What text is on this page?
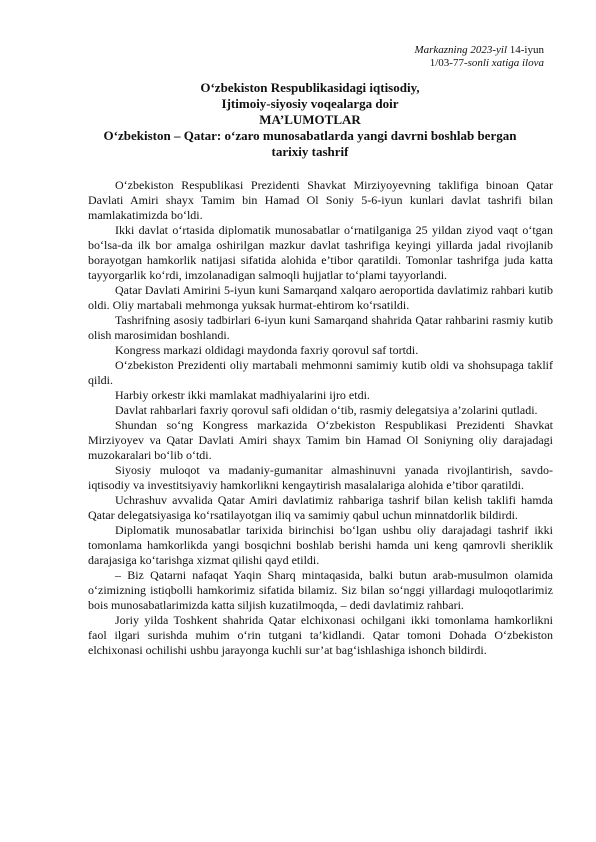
Markazning 2023-yil 14-iyun
1/03-77-sonli xatiga ilova
O‘zbekiston Respublikasidagi iqtisodiy,
Ijtimoiy-siyosiy voqealarga doir
MA’LUMOTLAR
O‘zbekiston – Qatar: o‘zaro munosabatlarda yangi davrni boshlab bergan
tarixiy tashrif

O‘zbekiston Respublikasi Prezidenti Shavkat Mirziyoyevning taklifiga binoan Qatar Davlati Amiri shayx Tamim bin Hamad Ol Soniy 5-6-iyun kunlari davlat tashrifi bilan mamlakatimizda bo‘ldi.

Ikki davlat o‘rtasida diplomatik munosabatlar o‘rnatilganiga 25 yildan ziyod vaqt o‘tgan bo‘lsa-da ilk bor amalga oshirilgan mazkur davlat tashrifiga keyingi yillarda jadal rivojlanib borayotgan hamkorlik natijasi sifatida alohida e’tibor qaratildi. Tomonlar tashrifga juda katta tayyorgarlik ko‘rdi, imzolanadigan salmoqli hujjatlar to‘plami tayyorlandi.

Qatar Davlati Amirini 5-iyun kuni Samarqand xalqaro aeroportida davlatimiz rahbari kutib oldi. Oliy martabali mehmonga yuksak hurmat-ehtirom ko‘rsatildi.

Tashrifning asosiy tadbirlari 6-iyun kuni Samarqand shahrida Qatar rahbarini rasmiy kutib olish marosimidan boshlandi.

Kongress markazi oldidagi maydonda faxriy qorovul saf tortdi.

O‘zbekiston Prezidenti oliy martabali mehmonni samimiy kutib oldi va shohsupaga taklif qildi.

Harbiy orkestr ikki mamlakat madhiyalarini ijro etdi.

Davlat rahbarlari faxriy qorovul safi oldidan o‘tib, rasmiy delegatsiya a’zolarini qutladi.

Shundan so‘ng Kongress markazida O‘zbekiston Respublikasi Prezidenti Shavkat Mirziyoyev va Qatar Davlati Amiri shayx Tamim bin Hamad Ol Soniyning oliy darajadagi muzokaralari bo‘lib o‘tdi.

Siyosiy muloqot va madaniy-gumanitar almashinuvni yanada rivojlantirish, savdo-iqtisodiy va investitsiyaviy hamkorlikni kengaytirish masalalariga alohida e’tibor qaratildi.

Uchrashuv avvalida Qatar Amiri davlatimiz rahbariga tashrif bilan kelish taklifi hamda Qatar delegatsiyasiga ko‘rsatilayotgan iliq va samimiy qabul uchun minnatdorlik bildirdi.

Diplomatik munosabatlar tarixida birinchisi bo‘lgan ushbu oliy darajadagi tashrif ikki tomonlama hamkorlikda yangi bosqichni boshlab berishi hamda uni keng qamrovli sheriklik darajasiga ko‘tarishga xizmat qilishi qayd etildi.

– Biz Qatarni nafaqat Yaqin Sharq mintaqasida, balki butun arab-musulmon olamida o‘zimizning istiqbolli hamkorimiz sifatida bilamiz. Siz bilan so‘nggi yillardagi muloqotlarimiz bois munosabatlarimizda katta siljish kuzatilmoqda, – dedi davlatimiz rahbari.

Joriy yilda Toshkent shahrida Qatar elchixonasi ochilgani ikki tomonlama hamkorlikni faol ilgari surishda muhim o‘rin tutgani ta’kidlandi. Qatar tomoni Dohada O‘zbekiston elchixonasi ochilishi ushbu jarayonga kuchli sur’at bag‘ishlashiga ishonch bildirdi.
